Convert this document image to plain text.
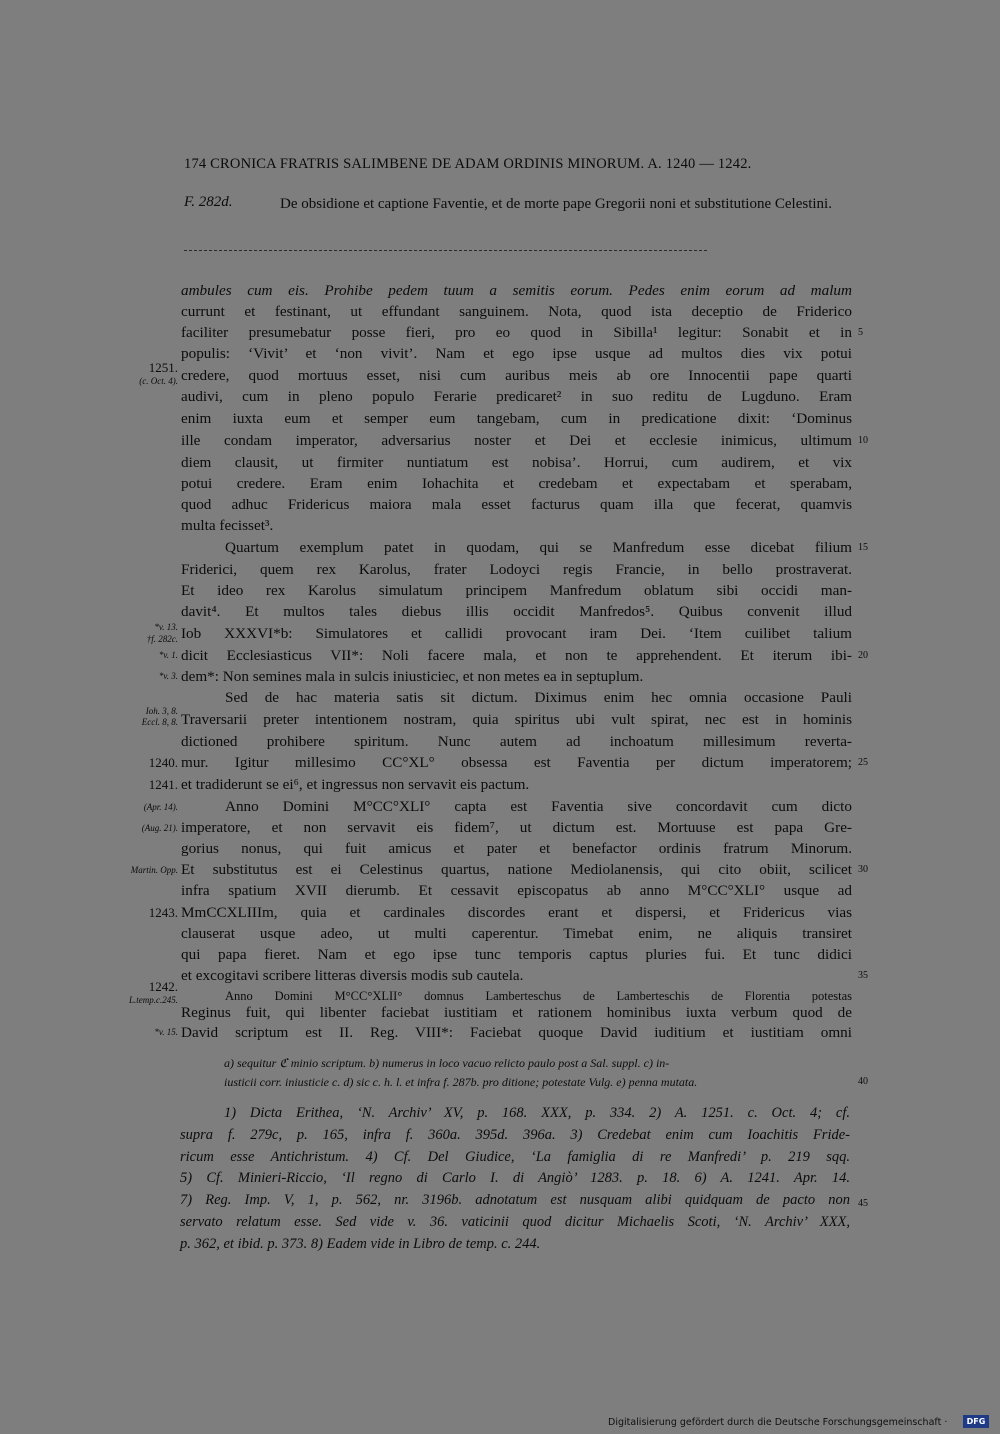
174 CRONICA FRATRIS SALIMBENE DE ADAM ORDINIS MINORUM. A. 1240 — 1242.
F. 282d.	De obsidione et captione Faventie, et de morte pape Gregorii noni et substitutione Celestini.
ambules cum eis. Prohibe pedem tuum a semitis eorum. Pedes enim eorum ad malum
currunt et festinant, ut effundant sanguinem. Nota, quod ista deceptio de Friderico
faciliter presumebatur posse fieri, pro eo quod in Sibilla¹ legitur: Sonabit et in
populis: ‘Vivit’ et ‘non vivit’. Nam et ego ipse usque ad multos dies vix potui
credere, quod mortuus esset, nisi cum auribus meis ab ore Innocentii pape quarti
audivi, cum in pleno populo Ferarie predicaret² in suo reditu de Lugduno. Eram
enim iuxta eum et semper eum tangebam, cum in predicatione dixit: ‘Dominus
ille condam imperator, adversarius noster et Dei et ecclesie inimicus, ultimum
diem clausit, ut firmiter nuntiatum est nobisa’. Horrui, cum audirem, et vix
potui credere. Eram enim Iohachita et credebam et expectabam et sperabam,
quod adhuc Fridericus maiora mala esset facturus quam illa que fecerat, quamvis
multa fecisset³.
Quartum exemplum patet in quodam, qui se Manfredum esse dicebat filium
Friderici, quem rex Karolus, frater Lodoyci regis Francie, in bello prostraverat.
Et ideo rex Karolus simulatum principem Manfredum oblatum sibi occidi man-
davit⁴. Et multos tales diebus illis occidit Manfredos⁵. Quibus convenit illud
Iob XXXVI*b: Simulatores et callidi provocant iram Dei. ‘Item cuilibet talium
dicit Ecclesiasticus VII*: Noli facere mala, et non te apprehendent. Et iterum ibi-
dem*: Non semines mala in sulcis iniusticiec, et non metes ea in septuplum.
Sed de hac materia satis sit dictum. Diximus enim hec omnia occasione Pauli
Traversarii preter intentionem nostram, quia spiritus ubi vult spirat, nec est in hominis
dictioned prohibere spiritum. Nunc autem ad inchoatum millesimum reverta-
mur. Igitur millesimo CC°XL° obsessa est Faventia per dictum imperatorem;
et tradiderunt se ei⁶, et ingressus non servavit eis pactum.
Anno Domini M°CC°XLI° capta est Faventia sive concordavit cum dicto
imperatore, et non servavit eis fidem⁷, ut dictum est. Mortuuse est papa Gre-
gorius nonus, qui fuit amicus et pater et benefactor ordinis fratrum Minorum.
Et substitutus est ei Celestinus quartus, natione Mediolanensis, qui cito obiit, scilicet
infra spatium XVII dierumb. Et cessavit episcopatus ab anno M°CC°XLI° usque ad
MmCCXLIIIm, quia et cardinales discordes erant et dispersi, et Fridericus vias
clauserat usque adeo, ut multi caperentur. Timebat enim, ne aliquis transiret
qui papa fieret. Nam et ego ipse tunc temporis captus pluries fui. Et tunc didici
et excogitavi scribere litteras diversis modis sub cautela.
Anno Domini M°CC°XLII° domnus Lamberteschus de Lamberteschis de Florentia potestas
Reginus fuit, qui libenter faciebat iustitiam et rationem hominibus iuxta verbum quod de
David scriptum est II. Reg. VIII*: Faciebat quoque David iuditium et iustitiam omni
5
10
15
20
25
30
35
40
45
1251.
(c. Oct. 4).
*v. 13.
†f. 282c.
*v. 1.
*v. 3.
Ioh. 3, 8.
Eccl. 8, 8.
1240.
1241.
(Apr. 14).
(Aug. 21).
Martin. Opp.
1243.
1242.
L.temp.c.245.
*v. 15.
a) sequitur ℭ minio scriptum. b) numerus in loco vacuo relicto paulo post a Sal. suppl. c) in-
iusticii corr. iniusticie c. d) sic c. h. l. et infra f. 287b. pro ditione; potestate Vulg. e) penna mutata.
1) Dicta Erithea, ‘N. Archiv’ XV, p. 168. XXX, p. 334. 2) A. 1251. c. Oct. 4; cf.
supra f. 279c, p. 165, infra f. 360a. 395d. 396a. 3) Credebat enim cum Ioachitis Fride-
ricum esse Antichristum. 4) Cf. Del Giudice, ‘La famiglia di re Manfredi’ p. 219 sqq.
5) Cf. Minieri-Riccio, ‘Il regno di Carlo I. di Angiò’ 1283. p. 18. 6) A. 1241. Apr. 14.
7) Reg. Imp. V, 1, p. 562, nr. 3196b. adnotatum est nusquam alibi quidquam de pacto non
servato relatum esse. Sed vide v. 36. vaticinii quod dicitur Michaelis Scoti, ‘N. Archiv’ XXX,
p. 362, et ibid. p. 373. 8) Eadem vide in Libro de temp. c. 244.
Digitalisierung gefördert durch die Deutsche Forschungsgemeinschaft ·	DFG
